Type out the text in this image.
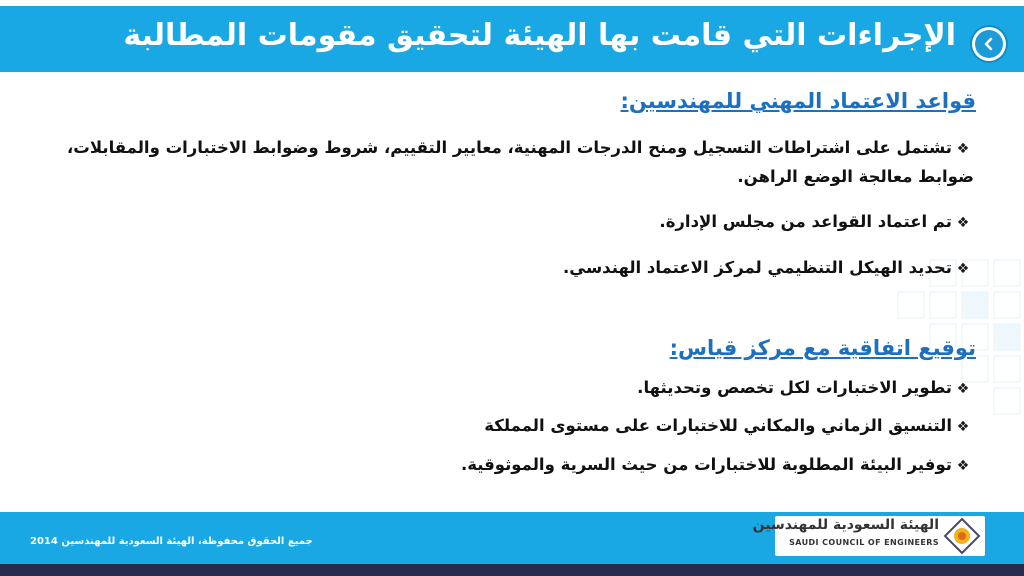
الإجراءات التي قامت بها الهيئة لتحقيق مقومات المطالبة
قواعد الاعتماد المهني للمهندسين:
❖تشتمل على اشتراطات التسجيل ومنح الدرجات المهنية، معايير التقييم، شروط وضوابط الاختبارات والمقابلات، ضوابط معالجة الوضع الراهن.
❖تم اعتماد القواعد من مجلس الإدارة.
❖تحديد الهيكل التنظيمي لمركز الاعتماد الهندسي.
توقيع اتفاقية مع مركز قياس:
❖تطوير الاختبارات لكل تخصص وتحديثها.
❖التنسيق الزماني والمكاني للاختبارات على مستوى المملكة
❖توفير البيئة المطلوبة للاختبارات من حيث السرية والموثوقية.
جميع الحقوق محفوظة، الهيئة السعودية للمهندسين 2014
الهيئة السعودية للمهندسين
SAUDI COUNCIL OF ENGINEERS
